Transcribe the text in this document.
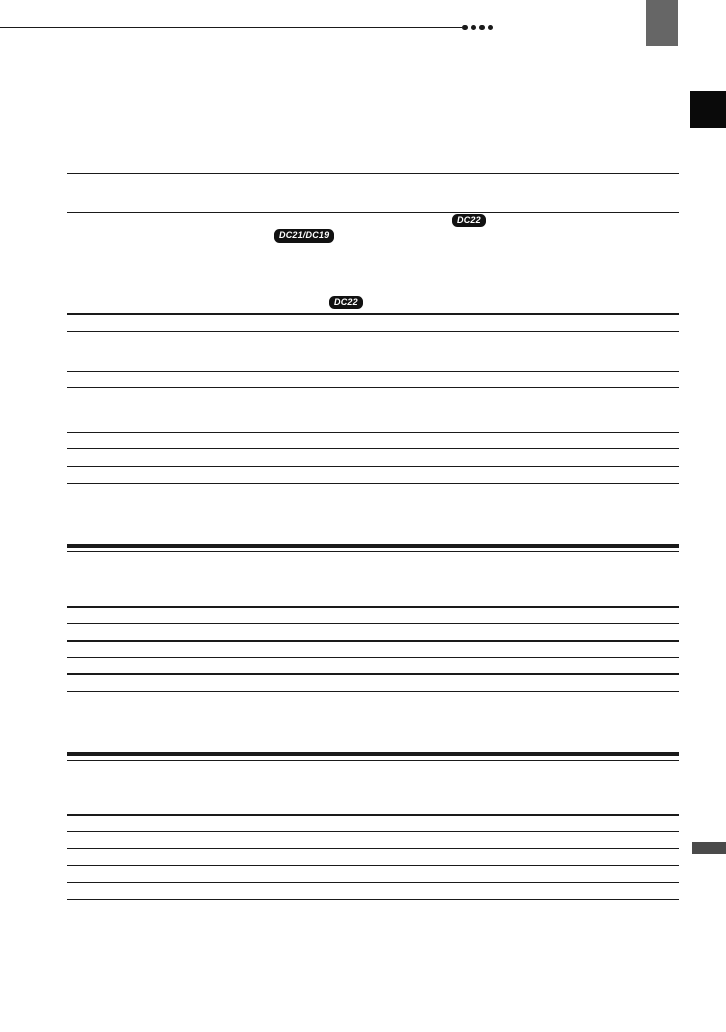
DC22
DC21/DC19
DC22
